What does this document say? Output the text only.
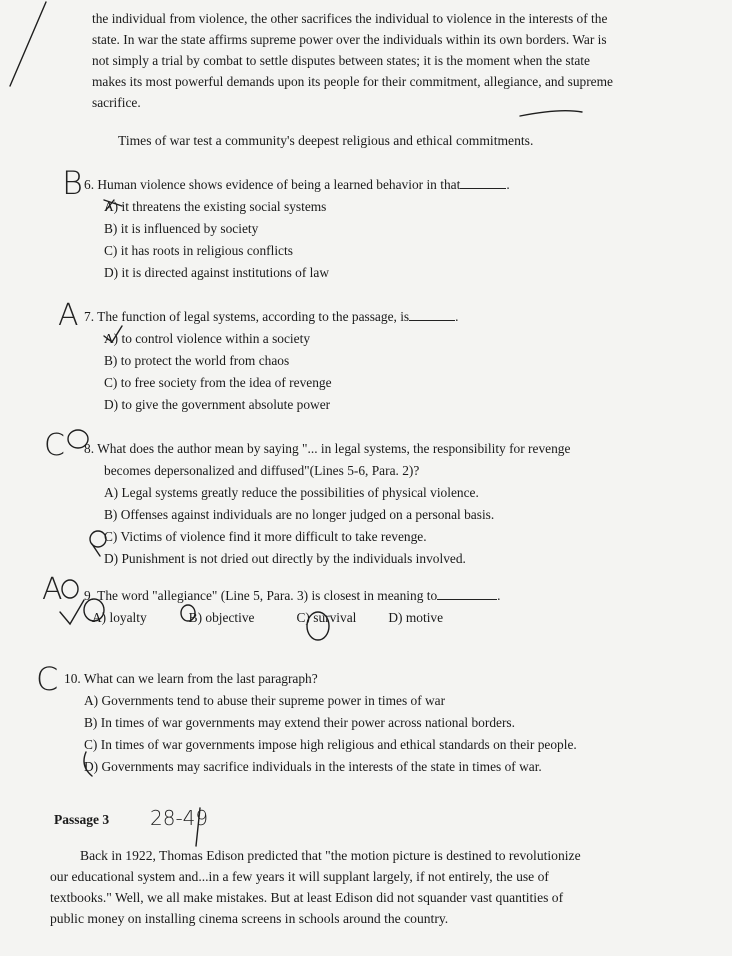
the individual from violence, the other sacrifices the individual to violence in the interests of the
state. In war the state affirms supreme power over the individuals within its own borders. War is
not simply a trial by combat to settle disputes between states; it is the moment when the state
makes its most powerful demands upon its people for their commitment, allegiance, and supreme
sacrifice.
Times of war test a community's deepest religious and ethical commitments.
6. Human violence shows evidence of being a learned behavior in that	.
A) it threatens the existing social systems
B) it is influenced by society
C) it has roots in religious conflicts
D) it is directed against institutions of law
7. The function of legal systems, according to the passage, is	.
A) to control violence within a society
B) to protect the world from chaos
C) to free society from the idea of revenge
D) to give the government absolute power
8. What does the author mean by saying "... in legal systems, the responsibility for revenge
becomes depersonalized and diffused"(Lines 5-6, Para. 2)?
A) Legal systems greatly reduce the possibilities of physical violence.
B) Offenses against individuals are no longer judged on a personal basis.
C) Victims of violence find it more difficult to take revenge.
D) Punishment is not dried out directly by the individuals involved.
9. The word "allegiance" (Line 5, Para. 3) is closest in meaning to	.
A) loyalty	B) objective	C) survival D) motive
10. What can we learn from the last paragraph?
A) Governments tend to abuse their supreme power in times of war
B) In times of war governments may extend their power across national borders.
C) In times of war governments impose high religious and ethical standards on their people.
D) Governments may sacrifice individuals in the interests of the state in times of war.
Passage 3 28-49
Back in 1922, Thomas Edison predicted that "the motion picture is destined to revolutionize
our educational system and...in a few years it will supplant largely, if not entirely, the use of
textbooks." Well, we all make mistakes. But at least Edison did not squander vast quantities of
public money on installing cinema screens in schools around the country.
B
A
C
A
C
